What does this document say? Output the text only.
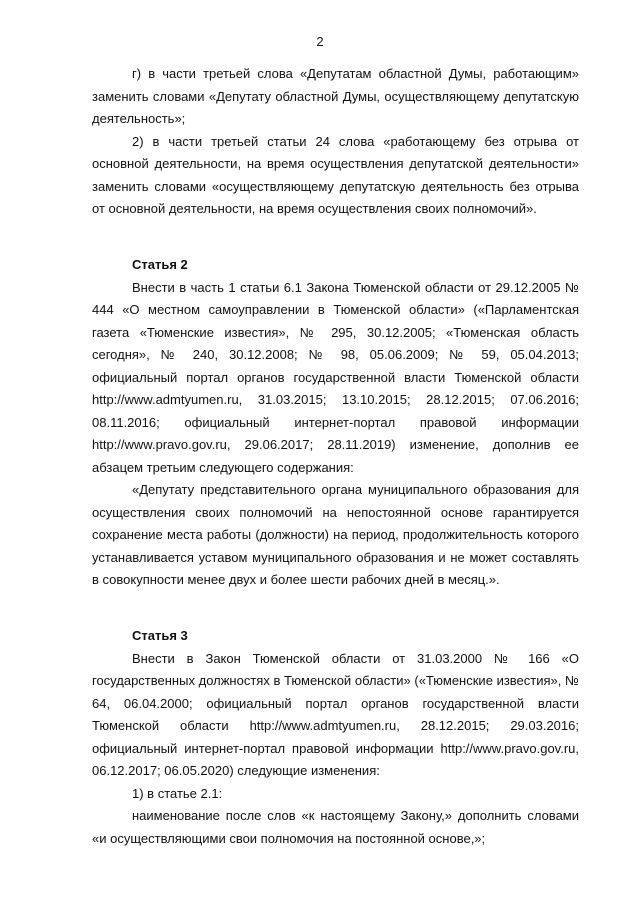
2

г) в части третьей слова «Депутатам областной Думы, работающим» заменить словами «Депутату областной Думы, осуществляющему депутатскую деятельность»;

2) в части третьей статьи 24 слова «работающему без отрыва от основной деятельности, на время осуществления депутатской деятельности» заменить словами «осуществляющему депутатскую деятельность без отрыва от основной деятельности, на время осуществления своих полномочий».

Статья 2

Внести в часть 1 статьи 6.1 Закона Тюменской области от 29.12.2005 № 444 «О местном самоуправлении в Тюменской области» («Парламентская газета «Тюменские известия», № 295, 30.12.2005; «Тюменская область сегодня», № 240, 30.12.2008; № 98, 05.06.2009; № 59, 05.04.2013; официальный портал органов государственной власти Тюменской области http://www.admtyumen.ru, 31.03.2015; 13.10.2015; 28.12.2015; 07.06.2016; 08.11.2016; официальный интернет-портал правовой информации http://www.pravo.gov.ru, 29.06.2017; 28.11.2019) изменение, дополнив ее абзацем третьим следующего содержания:

«Депутату представительного органа муниципального образования для осуществления своих полномочий на непостоянной основе гарантируется сохранение места работы (должности) на период, продолжительность которого устанавливается уставом муниципального образования и не может составлять в совокупности менее двух и более шести рабочих дней в месяц.».

Статья 3

Внести в Закон Тюменской области от 31.03.2000 № 166 «О государственных должностях в Тюменской области» («Тюменские известия», № 64, 06.04.2000; официальный портал органов государственной власти Тюменской области http://www.admtyumen.ru, 28.12.2015; 29.03.2016; официальный интернет-портал правовой информации http://www.pravo.gov.ru, 06.12.2017; 06.05.2020) следующие изменения:

1) в статье 2.1:

наименование после слов «к настоящему Закону,» дополнить словами «и осуществляющими свои полномочия на постоянной основе,»;
